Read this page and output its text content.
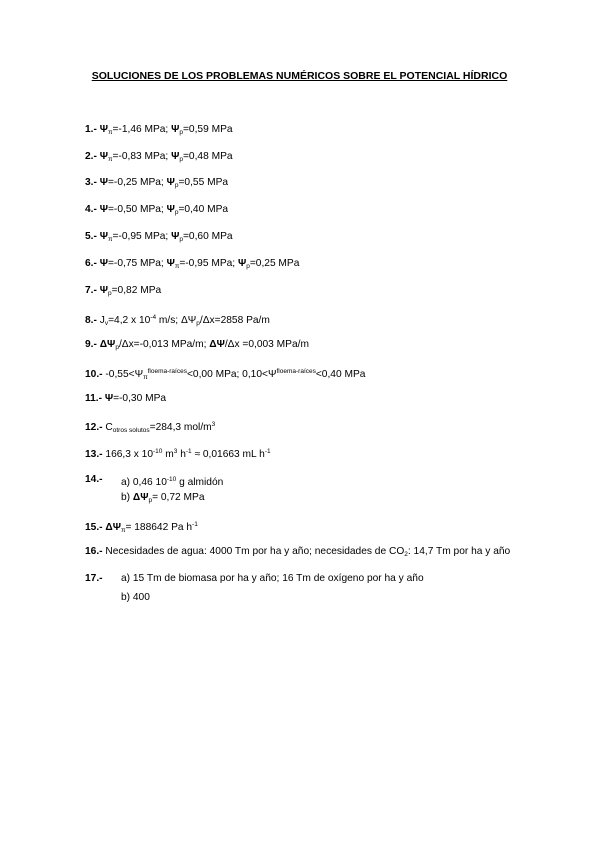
SOLUCIONES DE LOS PROBLEMAS NUMÉRICOS SOBRE EL POTENCIAL HÍDRICO
1.- $\Psi_\pi=-1,46$ MPa; $\Psi_p=0,59$ MPa
2.- $\Psi_\pi=-0,83$ MPa; $\Psi_p=0,48$ MPa
3.- Ψ=-0,25 MPa; $\Psi_p=0,55$ MPa
4.- Ψ=-0,50 MPa; $\Psi_p=0,40$ MPa
5.- $\Psi_\pi=-0,95$ MPa; $\Psi_p=0,60$ MPa
6.- Ψ=-0,75 MPa; $\Psi_\pi=-0,95$ MPa; $\Psi_p=0,25$ MPa
7.- $\Psi_p=0,82$ MPa
8.- $J_v=4,2$ x $10^{-4}$ m/s; $\Delta\Psi_p/\Delta x=2858$ Pa/m
9.- $\Delta\Psi_p/\Delta x=-0,013$ MPa/m; ΔΨ/Δx =0,003 MPa/m
10.- $-0,55<\Psi_\pi^{floema-raíces}<0,00$ MPa; $0,10<\Psi^{floema-raíces}<0,40$ MPa
11.- Ψ=-0,30 MPa
12.- $C_{otros solutos}=284,3$ mol/$m^3$
13.- 166,3 x $10^{-10}$ $m^3$ $h^{-1} \approx 0,01663$ mL $h^{-1}$
14.- a) 0,46 $10^{-10}$ g almidón
b) $\Delta\Psi_p= 0,72$ MPa
15.- $\Delta\Psi_\pi= 188642$ Pa $h^{-1}$
16.- Necesidades de agua: 4000 Tm por ha y año; necesidades de $CO_2$: 14,7 Tm por ha y año
17.- a) 15 Tm de biomasa por ha y año; 16 Tm de oxígeno por ha y año
b) 400
